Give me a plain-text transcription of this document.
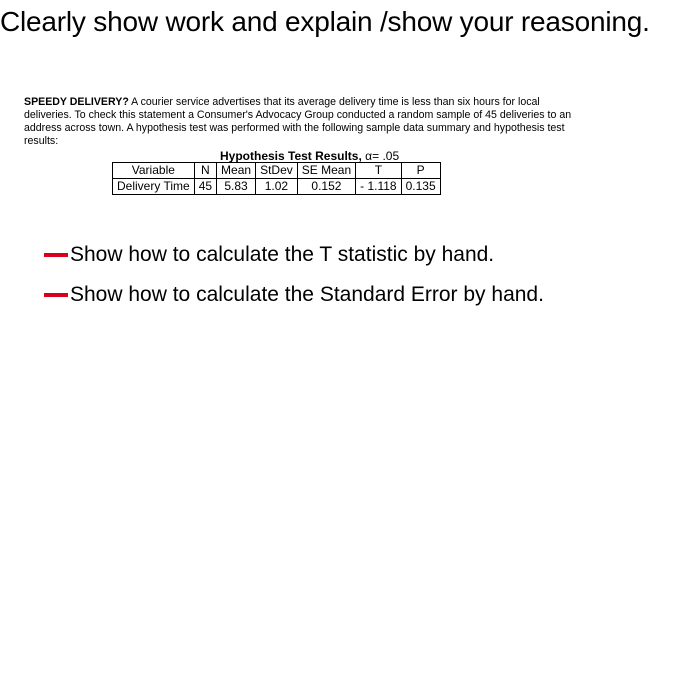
Clearly show work and explain /show your reasoning.
SPEEDY DELIVERY? A courier service advertises that its average delivery time is less than six hours for local deliveries. To check this statement a Consumer's Advocacy Group conducted a random sample of 45 deliveries to an address across town. A hypothesis test was performed with the following sample data summary and hypothesis test results:
Hypothesis Test Results, α= .05
Variable	N	Mean	StDev	SE Mean	T	P
Delivery Time	45	5.83	1.02	0.152	- 1.118	0.135
Show how to calculate the T statistic by hand.
Show how to calculate the Standard Error by hand.
